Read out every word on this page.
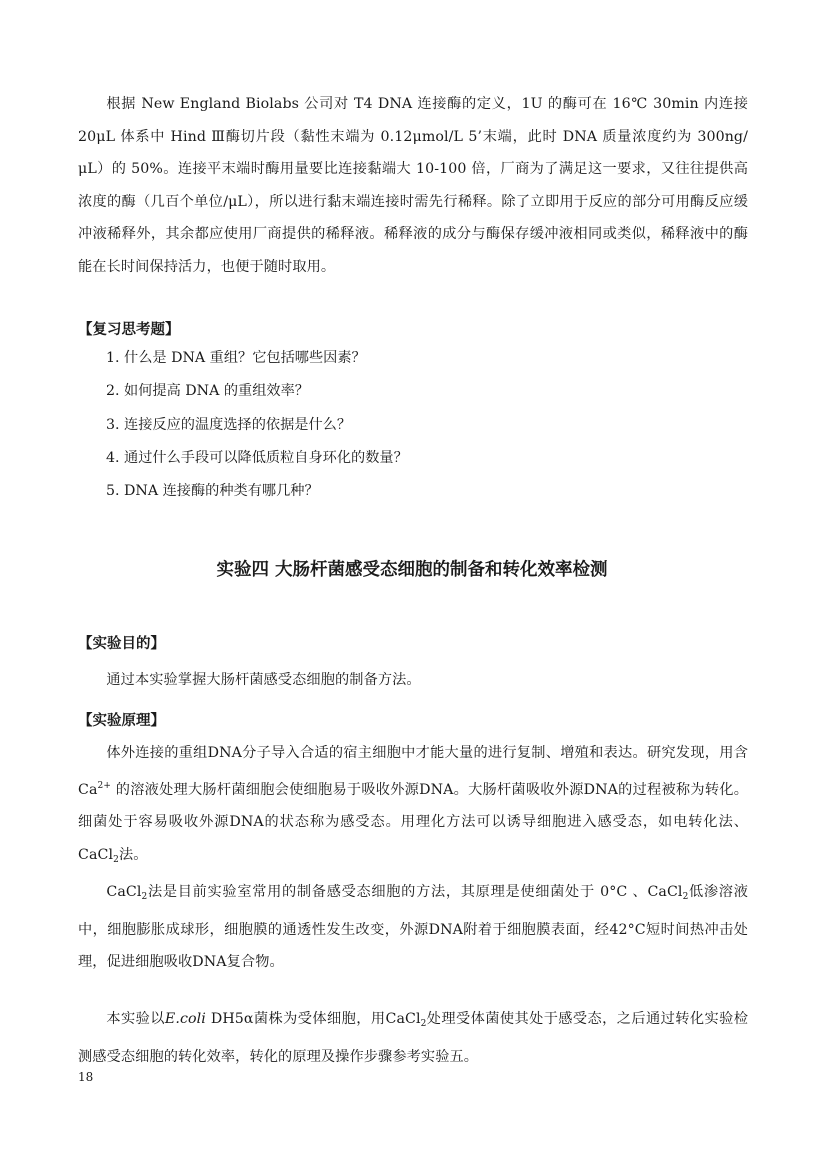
根据 New England Biolabs 公司对 T4 DNA 连接酶的定义，1U 的酶可在 16℃ 30min 内连接 20μL 体系中 Hind Ⅲ酶切片段（黏性末端为 0.12μmol/L 5’末端，此时 DNA 质量浓度约为 300ng/μL）的 50%。连接平末端时酶用量要比连接黏端大 10-100 倍，厂商为了满足这一要求，又往往提供高浓度的酶（几百个单位/μL），所以进行黏末端连接时需先行稀释。除了立即用于反应的部分可用酶反应缓冲液稀释外，其余都应使用厂商提供的稀释液。稀释液的成分与酶保存缓冲液相同或类似，稀释液中的酶能在长时间保持活力，也便于随时取用。

【复习思考题】
1. 什么是 DNA 重组？它包括哪些因素？
2. 如何提高 DNA 的重组效率？
3. 连接反应的温度选择的依据是什么？
4. 通过什么手段可以降低质粒自身环化的数量？
5. DNA 连接酶的种类有哪几种？
实验四 大肠杆菌感受态细胞的制备和转化效率检测
【实验目的】

通过本实验掌握大肠杆菌感受态细胞的制备方法。

【实验原理】

体外连接的重组DNA分子导入合适的宿主细胞中才能大量的进行复制、增殖和表达。研究发现，用含$Ca^{2+}$ 的溶液处理大肠杆菌细胞会使细胞易于吸收外源DNA。大肠杆菌吸收外源DNA的过程被称为转化。细菌处于容易吸收外源DNA的状态称为感受态。用理化方法可以诱导细胞进入感受态，如电转化法、CaCl$_2$法。

CaCl$_2$法是目前实验室常用的制备感受态细胞的方法，其原理是使细菌处于 0°C 、CaCl$_2$低渗溶液中，细胞膨胀成球形，细胞膜的通透性发生改变，外源DNA附着于细胞膜表面，经42°C短时间热冲击处理，促进细胞吸收DNA复合物。

本实验以E.coli DH5α菌株为受体细胞，用CaCl$_2$处理受体菌使其处于感受态，之后通过转化实验检测感受态细胞的转化效率，转化的原理及操作步骤参考实验五。

18
